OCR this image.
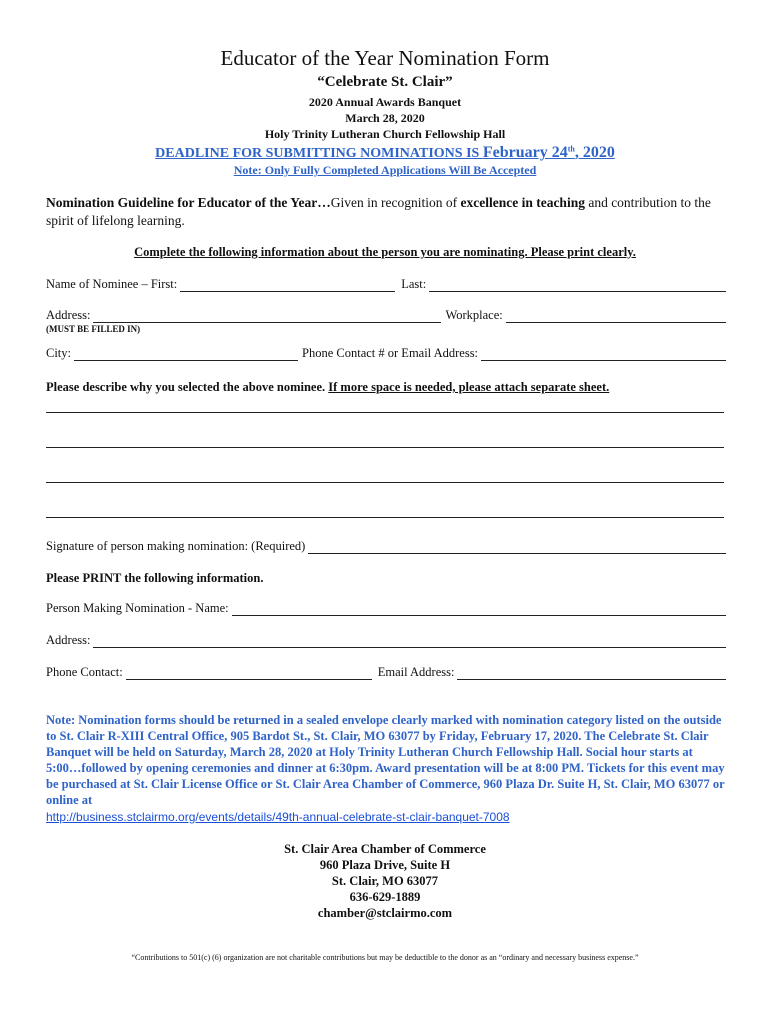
Educator of the Year Nomination Form
“Celebrate St. Clair”
2020 Annual Awards Banquet
March 28, 2020
Holy Trinity Lutheran Church Fellowship Hall
DEADLINE FOR SUBMITTING NOMINATIONS IS February 24th, 2020
Note: Only Fully Completed Applications Will Be Accepted
Nomination Guideline for Educator of the Year…Given in recognition of excellence in teaching and contribution to the spirit of lifelong learning.
Complete the following information about the person you are nominating. Please print clearly.
Name of Nominee – First:	Last:
Address:	Workplace:
(MUST BE FILLED IN)
City:	Phone Contact # or Email Address:
Please describe why you selected the above nominee. If more space is needed, please attach separate sheet.
Signature of person making nomination: (Required)
Please PRINT the following information.
Person Making Nomination - Name:
Address:
Phone Contact:	Email Address:
Note: Nomination forms should be returned in a sealed envelope clearly marked with nomination category listed on the outside to St. Clair R-XIII Central Office, 905 Bardot St., St. Clair, MO 63077 by Friday, February 17, 2020. The Celebrate St. Clair Banquet will be held on Saturday, March 28, 2020 at Holy Trinity Lutheran Church Fellowship Hall. Social hour starts at 5:00…followed by opening ceremonies and dinner at 6:30pm. Award presentation will be at 8:00 PM. Tickets for this event may be purchased at St. Clair License Office or St. Clair Area Chamber of Commerce, 960 Plaza Dr. Suite H, St. Clair, MO 63077 or online at
http://business.stclairmo.org/events/details/49th-annual-celebrate-st-clair-banquet-7008
St. Clair Area Chamber of Commerce
960 Plaza Drive, Suite H
St. Clair, MO 63077
636-629-1889
chamber@stclairmo.com
“Contributions to 501(c) (6) organization are not charitable contributions but may be deductible to the donor as an “ordinary and necessary business expense.”
